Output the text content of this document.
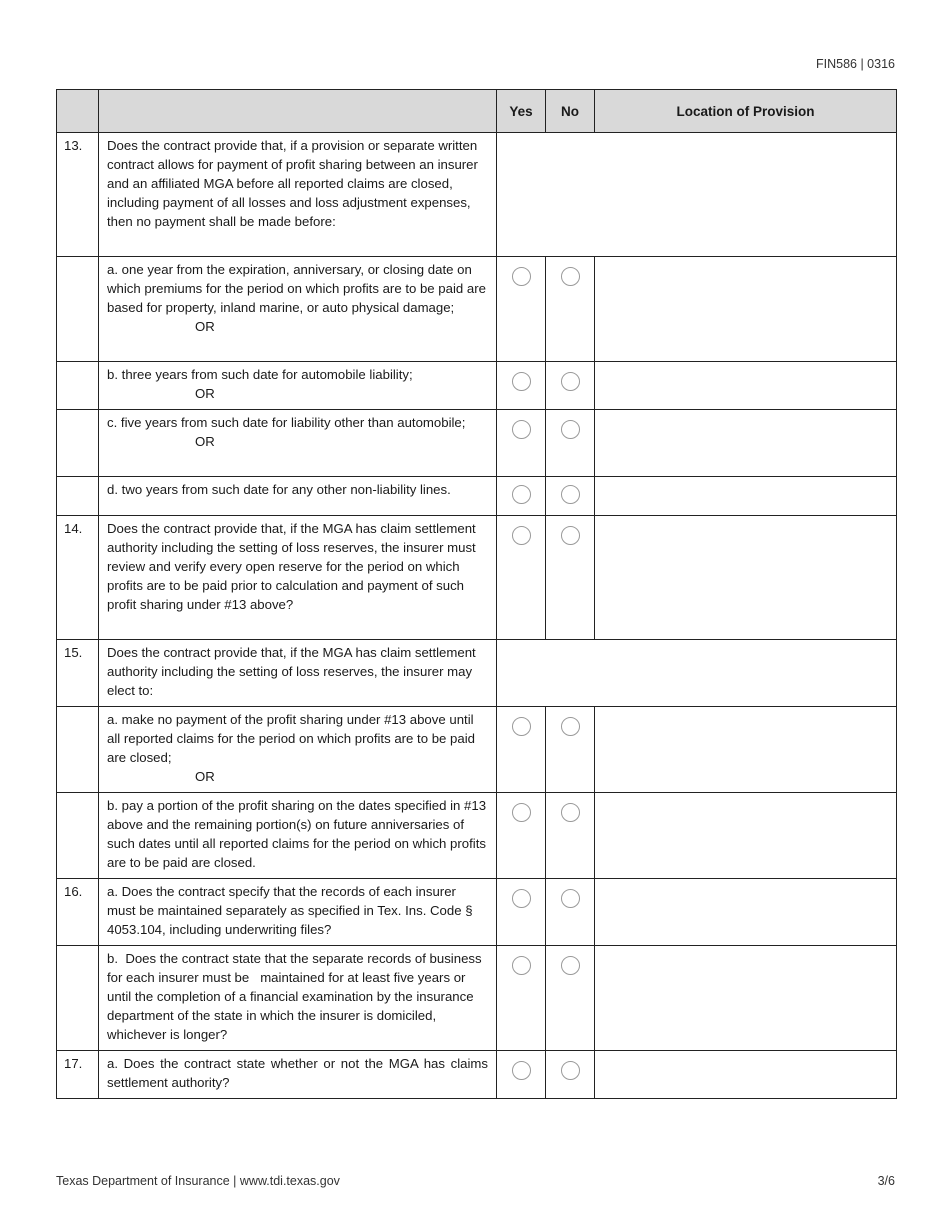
FIN586 | 0316
		Yes	No	Location of Provision
13.	Does the contract provide that, if a provision or separate written contract allows for payment of profit sharing between an insurer and an affiliated MGA before all reported claims are closed, including payment of all losses and loss adjustment expenses, then no payment shall be made before:			
	a. one year from the expiration, anniversary, or closing date on which premiums for the period on which profits are to be paid are based for property, inland marine, or auto physical damage;
OR			

	b. three years from such date for automobile liability;
OR			

	c. five years from such date for liability other than automobile;
OR			

	d. two years from such date for any other non-liability lines.			
14.	Does the contract provide that, if the MGA has claim settlement authority including the setting of loss reserves, the insurer must review and verify every open reserve for the period on which profits are to be paid prior to calculation and payment of such profit sharing under #13 above?			
15.	Does the contract provide that, if the MGA has claim settlement authority including the setting of loss reserves, the insurer may elect to:			
	a. make no payment of the profit sharing under #13 above until all reported claims for the period on which profits are to be paid are closed;
OR			

	b. pay a portion of the profit sharing on the dates specified in #13 above and the remaining portion(s) on future anniversaries of such dates until all reported claims for the period on which profits are to be paid are closed.			
16.	a. Does the contract specify that the records of each insurer must be maintained separately as specified in Tex. Ins. Code § 4053.104, including underwriting files?			
	b.  Does the contract state that the separate records of business for each insurer must be   maintained for at least five years or until the completion of a financial examination by the insurance department of the state in which the insurer is domiciled, whichever is longer?			
17.	a. Does the contract state whether or not the MGA has claims settlement authority?			
Texas Department of Insurance | www.tdi.texas.gov	3/6
